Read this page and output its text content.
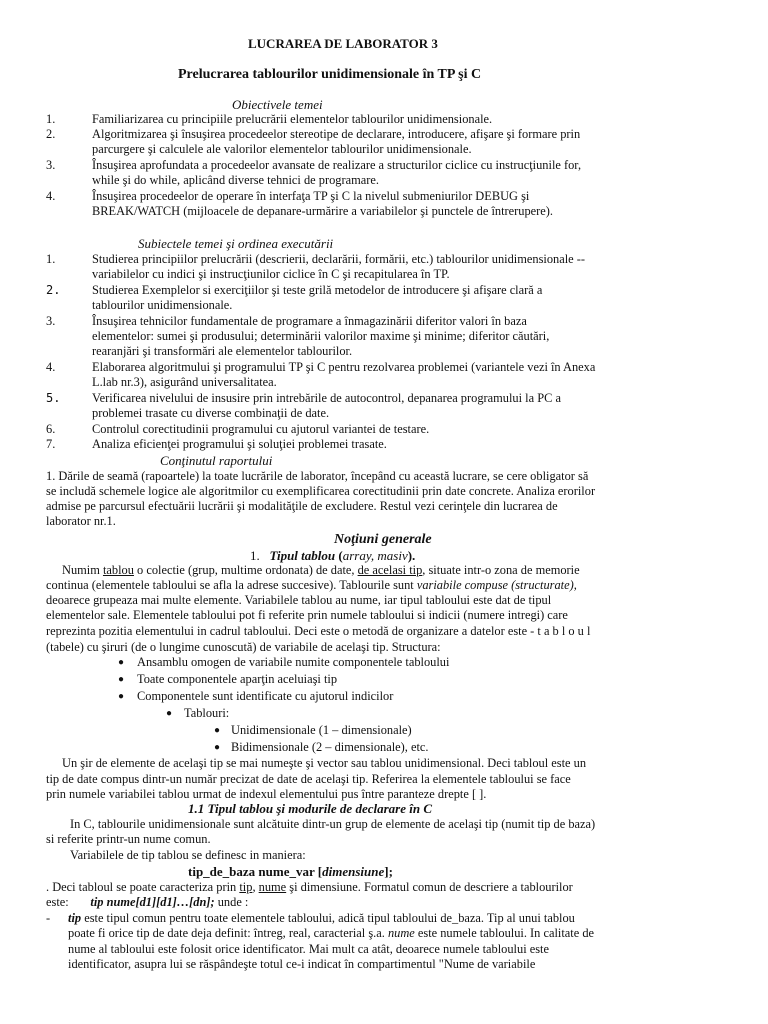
LUCRAREA DE LABORATOR 3
Prelucrarea tablourilor unidimensionale în TP şi C
Obiectivele temei
1.	Familiarizarea cu principiile prelucrării elementelor tablourilor unidimensionale.
2.	Algoritmizarea şi însuşirea procedeelor stereotipe de declarare, introducere, afişare şi formare prin
parcurgere şi calculele ale valorilor elementelor tablourilor unidimensionale.
3.	Însuşirea aprofundata a procedeelor avansate de realizare a structurilor ciclice cu instrucţiunile for,
while şi do while, aplicând diverse tehnici de programare.
4.	Însuşirea procedeelor de operare în interfaţa TP şi C la nivelul submeniurilor DEBUG şi
BREAK/WATCH (mijloacele de depanare-urmărire a variabilelor şi punctele de întrerupere).
Subiectele temei şi ordinea executării
1.	Studierea principiilor prelucrării (descrierii, declarării, formării, etc.) tablourilor unidimensionale --
variabilelor cu indici şi instrucţiunilor ciclice în C şi recapitularea în TP.
2.	Studierea Exemplelor si exerciţiilor şi teste grilă metodelor de introducere şi afişare clară a
tablourilor unidimensionale.
3.	Însuşirea tehnicilor fundamentale de programare a înmagazinării diferitor valori în baza
elementelor: sumei şi produsului; determinării valorilor maxime şi minime; diferitor căutări,
rearanjări şi transformări ale elementelor tablourilor.
4.	Elaborarea algoritmului şi programului TP şi C pentru rezolvarea problemei (variantele vezi în Anexa
L.lab nr.3), asigurând universalitatea.
5.	Verificarea nivelului de insusire prin intrebările de autocontrol, depanarea programului la PC a
problemei trasate cu diverse combinaţii de date.
6.	Controlul corectitudinii programului cu ajutorul variantei de testare.
7.	Analiza eficienţei programului şi soluţiei problemei trasate.
Conţinutul raportului
1. Dările de seamă (rapoartele) la toate lucrările de laborator, începând cu această lucrare, se cere obligator să
se includă schemele logice ale algoritmilor cu exemplificarea corectitudinii prin date concrete. Analiza erorilor
admise pe parcursul efectuării lucrării şi modalităţile de excludere. Restul vezi cerinţele din lucrarea de
laborator nr.1.
Noţiuni generale
1. Tipul tablou (array, masiv).
Numim tablou o colectie (grup, multime ordonata) de date, de acelasi tip, situate intr-o zona de memorie
continua (elementele tabloului se afla la adrese succesive). Tablourile sunt variabile compuse (structurate),
deoarece grupeaza mai multe elemente. Variabilele tablou au nume, iar tipul tabloului este dat de tipul
elementelor sale. Elementele tabloului pot fi referite prin numele tabloului si indicii (numere intregi) care
reprezinta pozitia elementului in cadrul tabloului. Deci este o metodă de organizare a datelor este - t a b l o u l
(tabele) cu şiruri (de o lungime cunoscută) de variabile de acelaşi tip. Structura:
● Ansamblu omogen de variabile numite componentele tabloului
● Toate componentele aparţin aceluiaşi tip
● Componentele sunt identificate cu ajutorul indicilor
● Tablouri:
● Unidimensionale (1 – dimensionale)
● Bidimensionale (2 – dimensionale), etc.
Un şir de elemente de acelaşi tip se mai numeşte şi vector sau tablou unidimensional. Deci tabloul este un
tip de date compus dintr-un număr precizat de date de acelaşi tip. Referirea la elementele tabloului se face
prin numele variabilei tablou urmat de indexul elementului pus între paranteze drepte [ ].
1.1 Tipul tablou şi modurile de declarare în C
In C, tablourile unidimensionale sunt alcătuite dintr-un grup de elemente de acelaşi tip (numit tip de baza)
si referite printr-un nume comun.
Variabilele de tip tablou se definesc in maniera:
tip_de_baza nume_var [dimensiune];
. Deci tabloul se poate caracteriza prin tip, nume şi dimensiune. Formatul comun de descriere a tablourilor
este:       tip nume[d1][d1]…[dn]; unde :
- tip este tipul comun pentru toate elementele tabloului, adică tipul tabloului de_baza. Tip al unui tablou
poate fi orice tip de date deja definit: întreg, real, caracterial ş.a. nume este numele tabloului. In calitate de
nume al tabloului este folosit orice identificator. Mai mult ca atât, deoarece numele tabloului este
identificator, asupra lui se răspândeşte totul ce-i indicat în compartimentul "Nume de variabile
